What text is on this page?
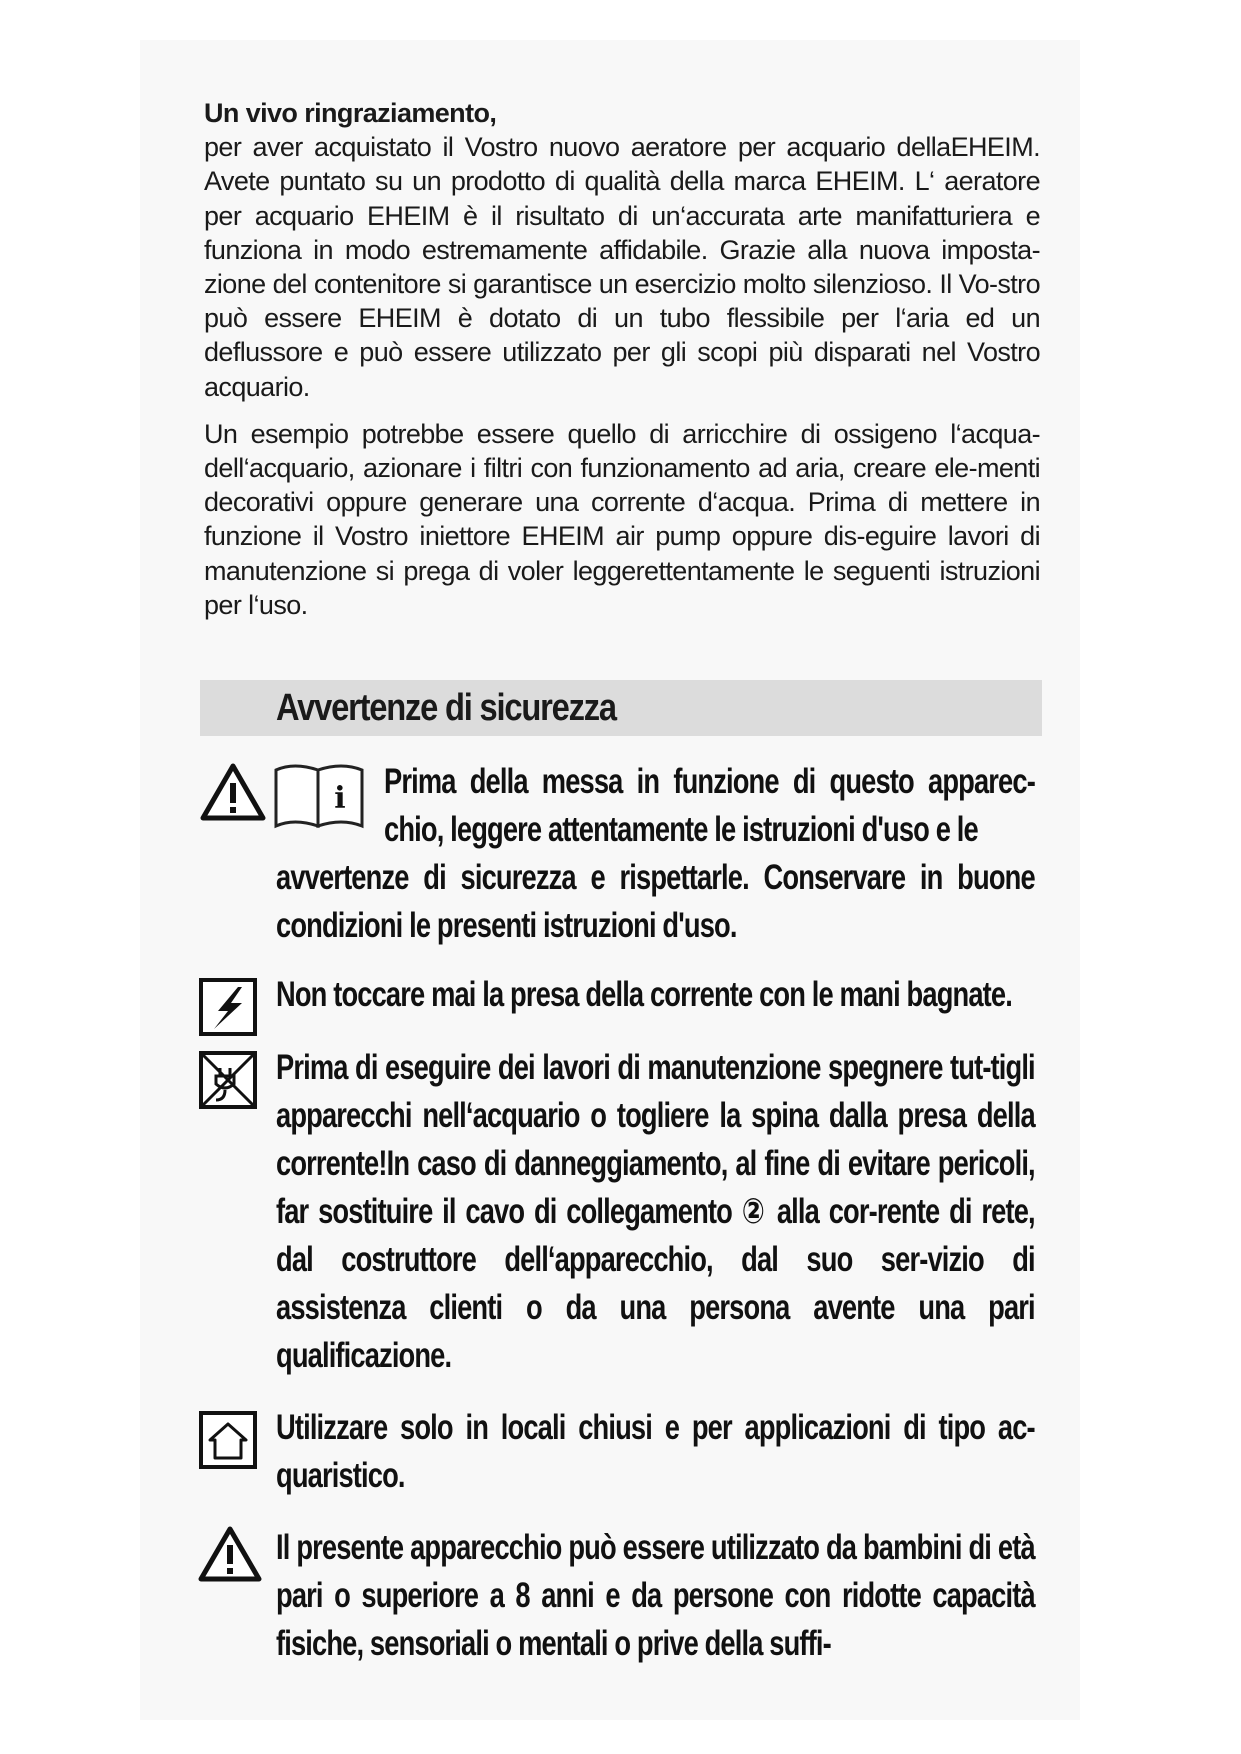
Un vivo ringraziamento,

per aver acquistato il Vostro nuovo aeratore per acquario dellaEHEIM. Avete puntato su un prodotto di qualità della marca EHEIM. L‘ aeratore per acquario EHEIM è il risultato di un‘accurata arte manifatturiera e funziona in modo estremamente affidabile. Grazie alla nuova imposta-zione del contenitore si garantisce un esercizio molto silenzioso. Il Vo-stro può essere EHEIM è dotato di un tubo flessibile per l‘aria ed un deflussore e può essere utilizzato per gli scopi più disparati nel Vostro acquario.

Un esempio potrebbe essere quello di arricchire di ossigeno l‘acqua-dell‘acquario, azionare i filtri con funzionamento ad aria, creare ele-menti decorativi oppure generare una corrente d‘acqua. Prima di mettere in funzione il Vostro iniettore EHEIM air pump oppure dis-eguire lavori di manutenzione si prega di voler leggerettentamente le seguenti istruzioni per l‘uso.

Avvertenze di sicurezza
i Prima della messa in funzione di questo apparec-chio, leggere attentamente le istruzioni d'uso e le
avvertenze di sicurezza e rispettarle. Conservare in buone condizioni le presenti istruzioni d'uso.
Non toccare mai la presa della corrente con le mani bagnate.
Prima di eseguire dei lavori di manutenzione spegnere tut-tigli apparecchi nell‘acquario o togliere la spina dalla presa della corrente!In caso di danneggiamento, al fine di evitare pericoli, far sostituire il cavo di collegamento ② alla cor-rente di rete, dal costruttore dell‘apparecchio, dal suo ser-vizio di assistenza clienti o da una persona avente una pari qualificazione.
Utilizzare solo in locali chiusi e per applicazioni di tipo ac-quaristico.
Il presente apparecchio può essere utilizzato da bambini di età pari o superiore a 8 anni e da persone con ridotte capacità fisiche, sensoriali o mentali o prive della suffi-
